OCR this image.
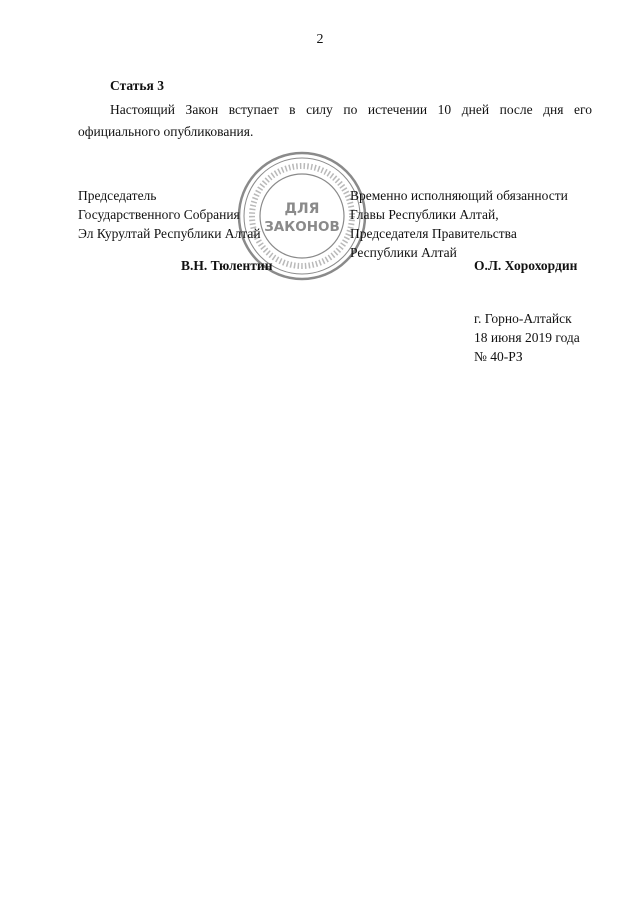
2
Статья 3
Настоящий Закон вступает в силу по истечении 10 дней после дня его официального опубликования.
ДЛЯ
ЗАКОНОВ
Председатель
Государственного Собрания
Эл Курултай Республики Алтай
Временно исполняющий обязанности
Главы Республики Алтай,
Председателя Правительства
Республики Алтай
В.Н. Тюлентин	О.Л. Хорохордин
г. Горно-Алтайск
18 июня 2019 года
№ 40-РЗ
